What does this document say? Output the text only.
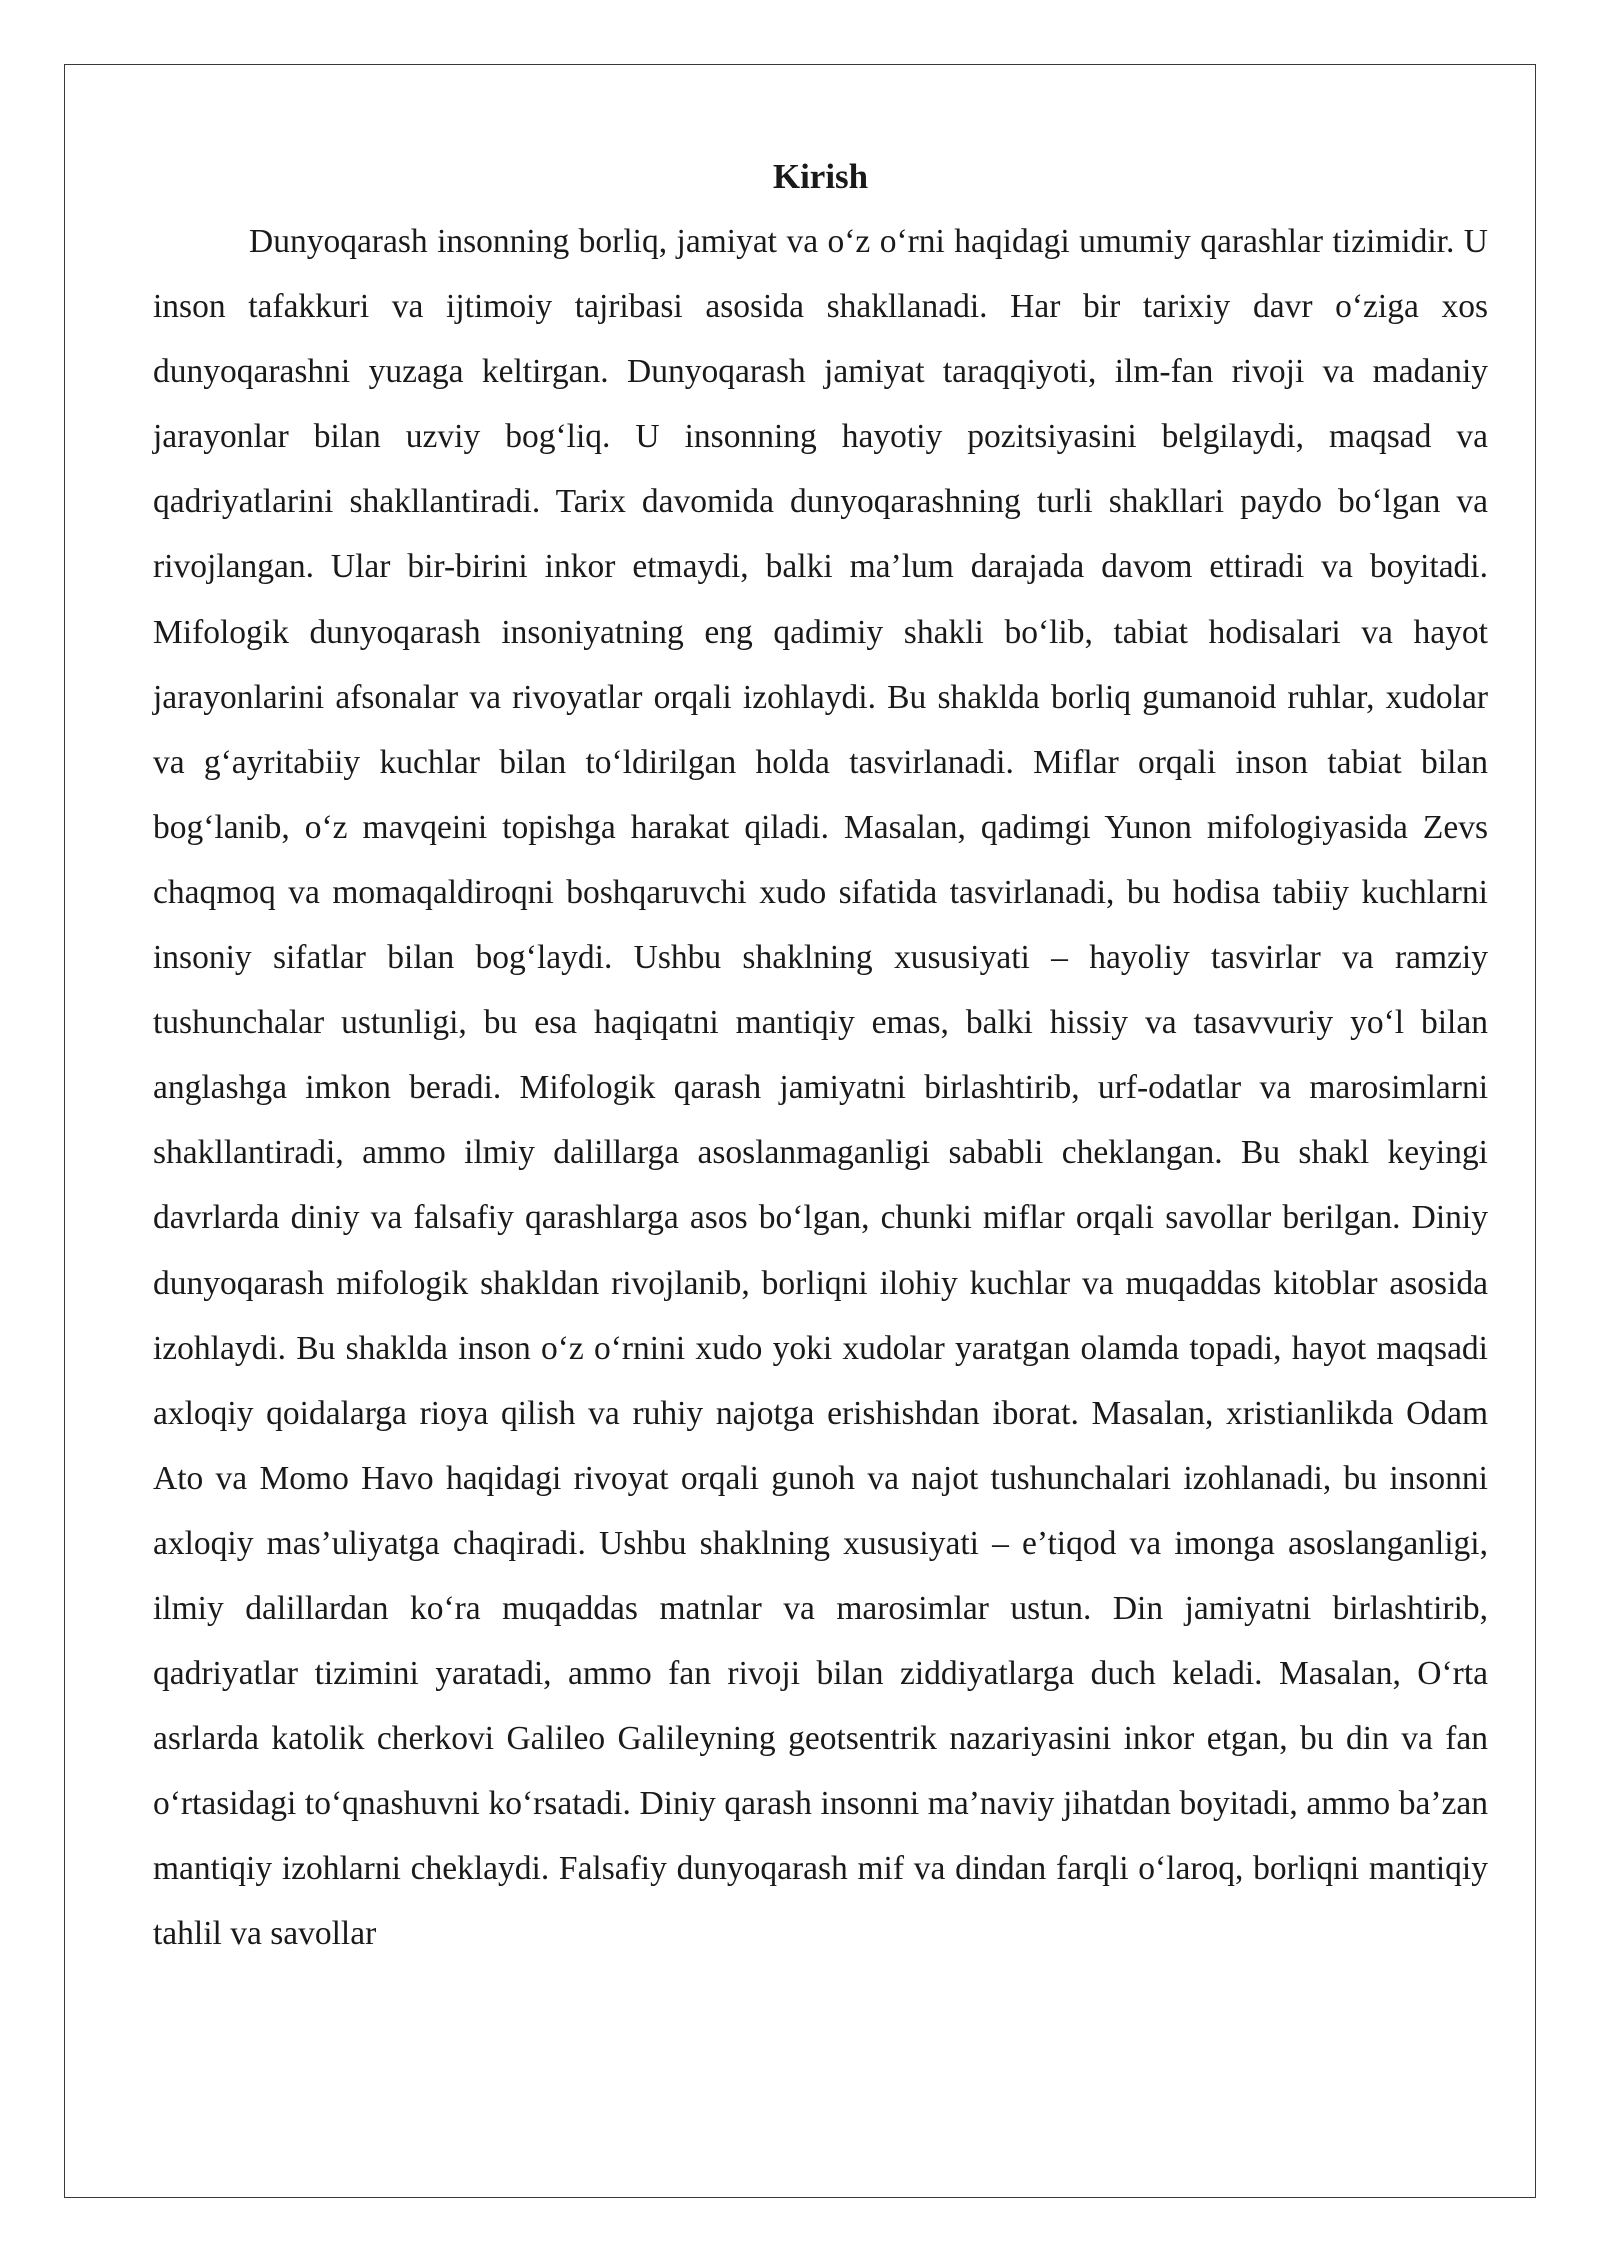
Kirish

Dunyoqarash insonning borliq, jamiyat va o‘z o‘rni haqidagi umumiy qarashlar tizimidir. U inson tafakkuri va ijtimoiy tajribasi asosida shakllanadi. Har bir tarixiy davr o‘ziga xos dunyoqarashni yuzaga keltirgan. Dunyoqarash jamiyat taraqqiyoti, ilm-fan rivoji va madaniy jarayonlar bilan uzviy bog‘liq. U insonning hayotiy pozitsiyasini belgilaydi, maqsad va qadriyatlarini shakllantiradi. Tarix davomida dunyoqarashning turli shakllari paydo bo‘lgan va rivojlangan. Ular bir-birini inkor etmaydi, balki ma’lum darajada davom ettiradi va boyitadi. Mifologik dunyoqarash insoniyatning eng qadimiy shakli bo‘lib, tabiat hodisalari va hayot jarayonlarini afsonalar va rivoyatlar orqali izohlaydi. Bu shaklda borliq gumanoid ruhlar, xudolar va g‘ayritabiiy kuchlar bilan to‘ldirilgan holda tasvirlanadi. Miflar orqali inson tabiat bilan bog‘lanib, o‘z mavqeini topishga harakat qiladi. Masalan, qadimgi Yunon mifologiyasida Zevs chaqmoq va momaqaldiroqni boshqaruvchi xudo sifatida tasvirlanadi, bu hodisa tabiiy kuchlarni insoniy sifatlar bilan bog‘laydi. Ushbu shaklning xususiyati – hayoliy tasvirlar va ramziy tushunchalar ustunligi, bu esa haqiqatni mantiqiy emas, balki hissiy va tasavvuriy yo‘l bilan anglashga imkon beradi. Mifologik qarash jamiyatni birlashtirib, urf-odatlar va marosimlarni shakllantiradi, ammo ilmiy dalillarga asoslanmaganligi sababli cheklangan. Bu shakl keyingi davrlarda diniy va falsafiy qarashlarga asos bo‘lgan, chunki miflar orqali savollar berilgan. Diniy dunyoqarash mifologik shakldan rivojlanib, borliqni ilohiy kuchlar va muqaddas kitoblar asosida izohlaydi. Bu shaklda inson o‘z o‘rnini xudo yoki xudolar yaratgan olamda topadi, hayot maqsadi axloqiy qoidalarga rioya qilish va ruhiy najotga erishishdan iborat. Masalan, xristianlikda Odam Ato va Momo Havo haqidagi rivoyat orqali gunoh va najot tushunchalari izohlanadi, bu insonni axloqiy mas’uliyatga chaqiradi. Ushbu shaklning xususiyati – e’tiqod va imonga asoslanganligi, ilmiy dalillardan ko‘ra muqaddas matnlar va marosimlar ustun. Din jamiyatni birlashtirib, qadriyatlar tizimini yaratadi, ammo fan rivoji bilan ziddiyatlarga duch keladi. Masalan, O‘rta asrlarda katolik cherkovi Galileo Galileyning geotsentrik nazariyasini inkor etgan, bu din va fan o‘rtasidagi to‘qnashuvni ko‘rsatadi. Diniy qarash insonni ma’naviy jihatdan boyitadi, ammo ba’zan mantiqiy izohlarni cheklaydi. Falsafiy dunyoqarash mif va dindan farqli o‘laroq, borliqni mantiqiy tahlil va savollar
